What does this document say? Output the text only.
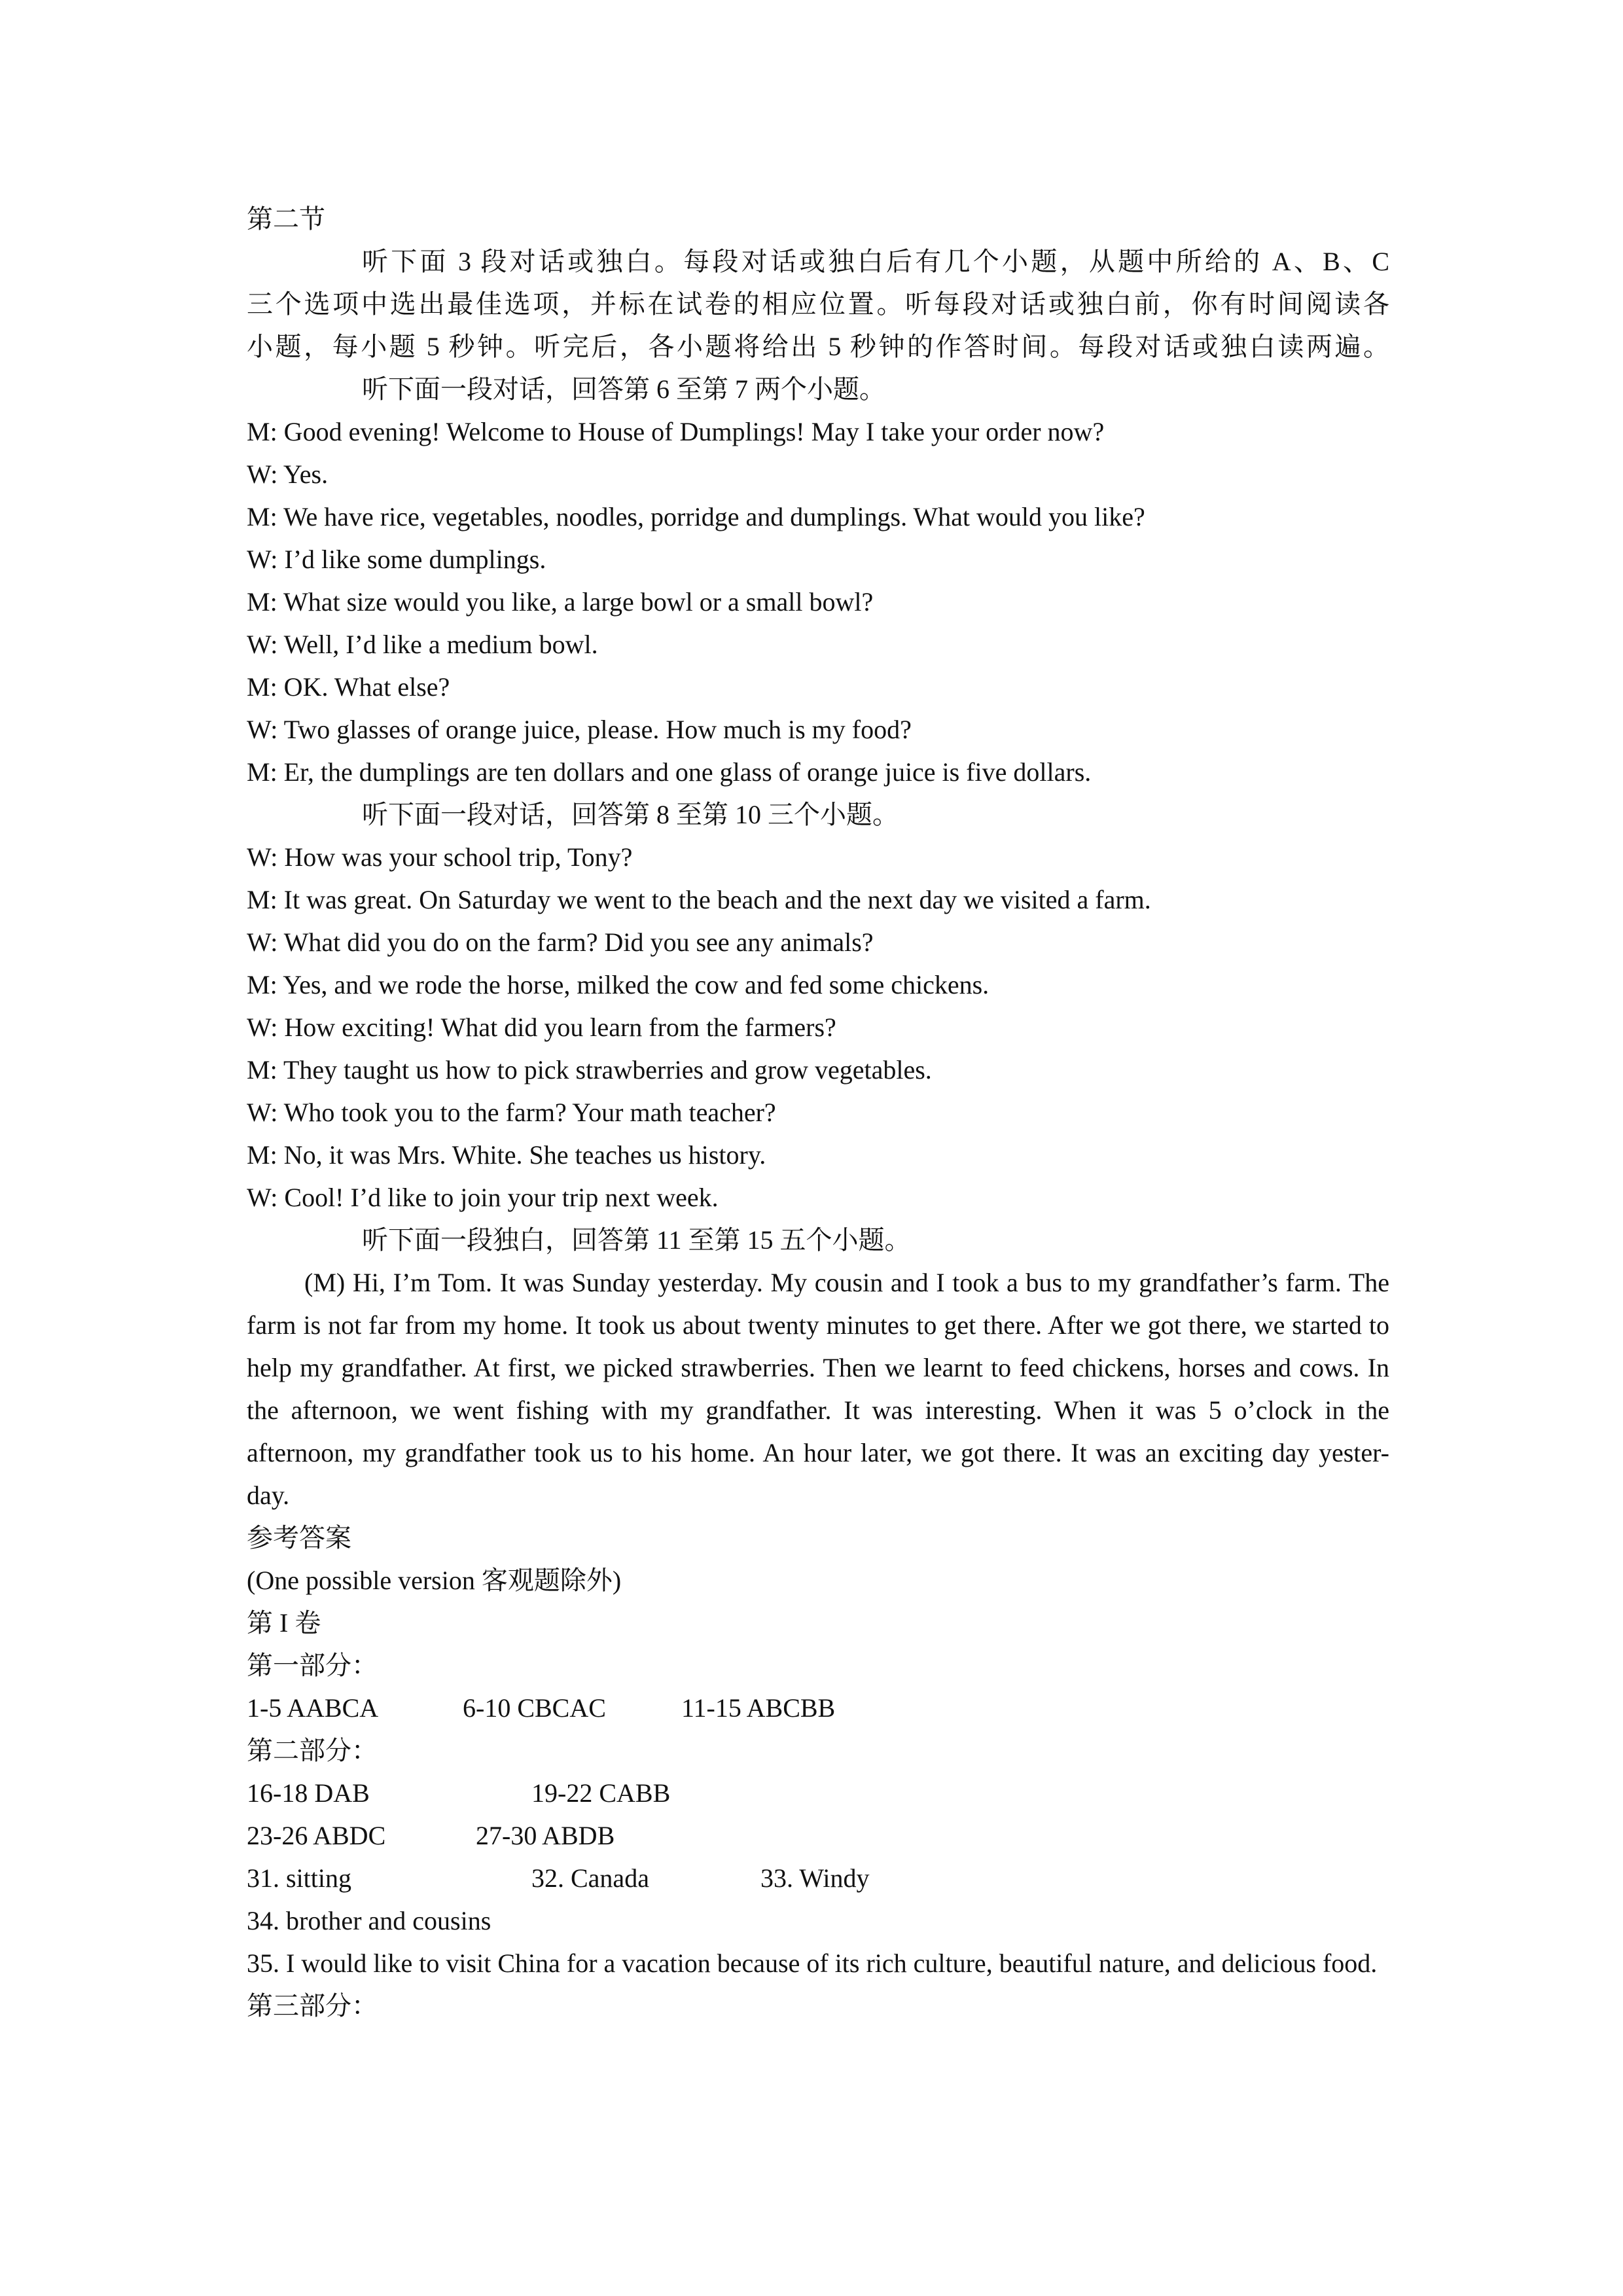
第二节
听下面 3 段对话或独白。每段对话或独白后有几个小题，从题中所给的 A、B、C
三个选项中选出最佳选项，并标在试卷的相应位置。听每段对话或独白前，你有时间阅读各
小题，每小题 5 秒钟。听完后，各小题将给出 5 秒钟的作答时间。每段对话或独白读两遍。
听下面一段对话，回答第 6 至第 7 两个小题。
M: Good evening! Welcome to House of Dumplings! May I take your order now?
W: Yes.
M: We have rice, vegetables, noodles, porridge and dumplings. What would you like?
W: I’d like some dumplings.
M: What size would you like, a large bowl or a small bowl?
W: Well, I’d like a medium bowl.
M: OK. What else?
W: Two glasses of orange juice, please. How much is my food?
M: Er, the dumplings are ten dollars and one glass of orange juice is five dollars.
听下面一段对话，回答第 8 至第 10 三个小题。
W: How was your school trip, Tony?
M: It was great. On Saturday we went to the beach and the next day we visited a farm.
W: What did you do on the farm? Did you see any animals?
M: Yes, and we rode the horse, milked the cow and fed some chickens.
W: How exciting! What did you learn from the farmers?
M: They taught us how to pick strawberries and grow vegetables.
W: Who took you to the farm? Your math teacher?
M: No, it was Mrs. White. She teaches us history.
W: Cool! I’d like to join your trip next week.
听下面一段独白，回答第 11 至第 15 五个小题。
(M) Hi, I’m Tom. It was Sunday yesterday. My cousin and I took a bus to my grandfather’s farm. The farm is not far from my home. It took us about twenty minutes to get there. After we got there, we started to help my grandfather. At first, we picked strawberries. Then we learnt to feed chickens, horses and cows. In the afternoon, we went fishing with my grandfather. It was interesting. When it was 5 o’clock in the afternoon, my grandfather took us to his home. An hour later, we got there. It was an exciting day yester- day.
参考答案
(One possible version 客观题除外)
第 I 卷
第一部分：
1-5 AABCA	6-10 CBCAC	11-15 ABCBB
第二部分：
16-18 DAB	19-22 CABB
23-26 ABDC	27-30 ABDB
31. sitting	32. Canada	33. Windy
34. brother and cousins
35. I would like to visit China for a vacation because of its rich culture, beautiful nature, and delicious food.
第三部分：
